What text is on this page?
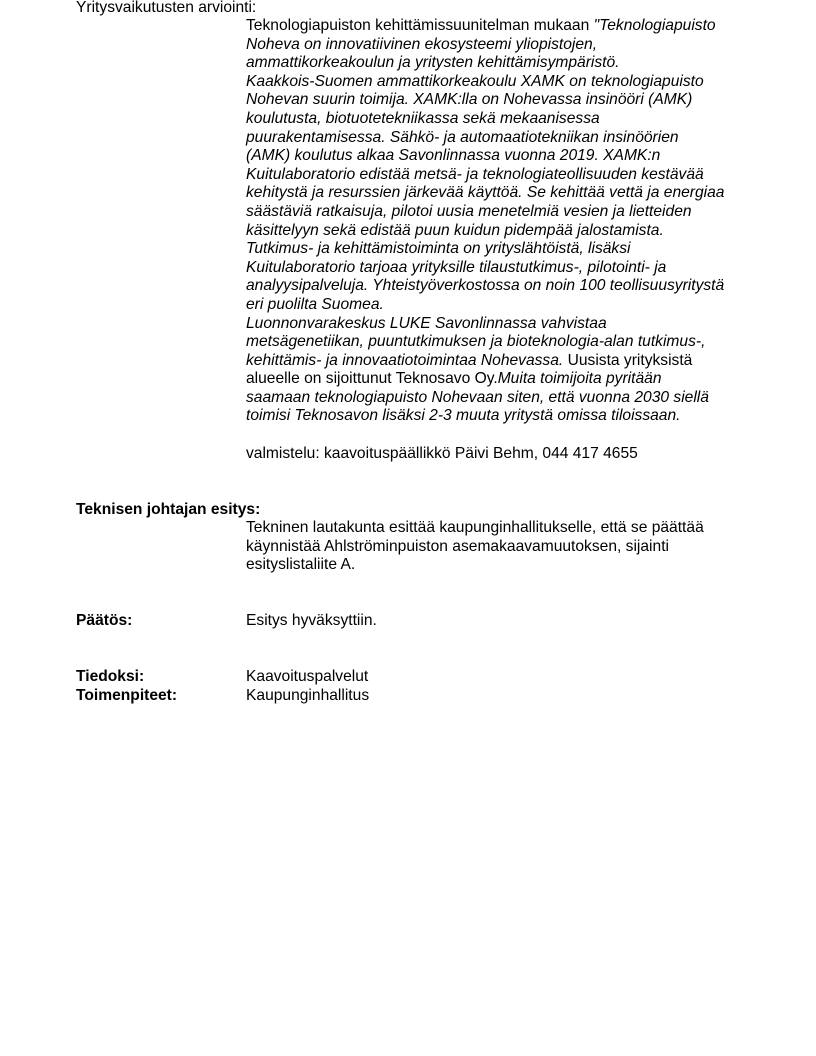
Yritysvaikutusten arviointi:
Teknologiapuiston kehittämissuunitelman mukaan "Teknologiapuisto
Noheva on innovatiivinen ekosysteemi yliopistojen,
ammattikorkeakoulun ja yritysten kehittämisympäristö.
Kaakkois-Suomen ammattikorkeakoulu XAMK on teknologiapuisto
Nohevan suurin toimija. XAMK:lla on Nohevassa insinööri (AMK)
koulutusta, biotuotetekniikassa sekä mekaanisessa
puurakentamisessa. Sähkö- ja automaatiotekniikan insinöörien
(AMK) koulutus alkaa Savonlinnassa vuonna 2019. XAMK:n
Kuitulaboratorio edistää metsä- ja teknologiateollisuuden kestävää
kehitystä ja resurssien järkevää käyttöä. Se kehittää vettä ja energiaa
säästäviä ratkaisuja, pilotoi uusia menetelmiä vesien ja lietteiden
käsittelyyn sekä edistää puun kuidun pidempää jalostamista.
Tutkimus- ja kehittämistoiminta on yrityslähtöistä, lisäksi
Kuitulaboratorio tarjoaa yrityksille tilaustutkimus-, pilotointi- ja
analyysipalveluja. Yhteistyöverkostossa on noin 100 teollisuusyritystä
eri puolilta Suomea.
Luonnonvarakeskus LUKE Savonlinnassa vahvistaa
metsägenetiikan, puuntutkimuksen ja bioteknologia-alan tutkimus-,
kehittämis- ja innovaatiotoimintaa Nohevassa. Uusista yrityksistä
alueelle on sijoittunut Teknosavo Oy.Muita toimijoita pyritään
saamaan teknologiapuisto Nohevaan siten, että vuonna 2030 siellä
toimisi Teknosavon lisäksi 2-3 muuta yritystä omissa tiloissaan.
valmistelu: kaavoituspäällikkö Päivi Behm, 044 417 4655
Teknisen johtajan esitys:
Tekninen lautakunta esittää kaupunginhallitukselle, että se päättää
käynnistää Ahlströminpuiston asemakaavamuutoksen, sijainti
esityslistaliite A.
Päätös:	Esitys hyväksyttiin.
Tiedoksi:	Kaavoituspalvelut
Toimenpiteet:	Kaupunginhallitus
